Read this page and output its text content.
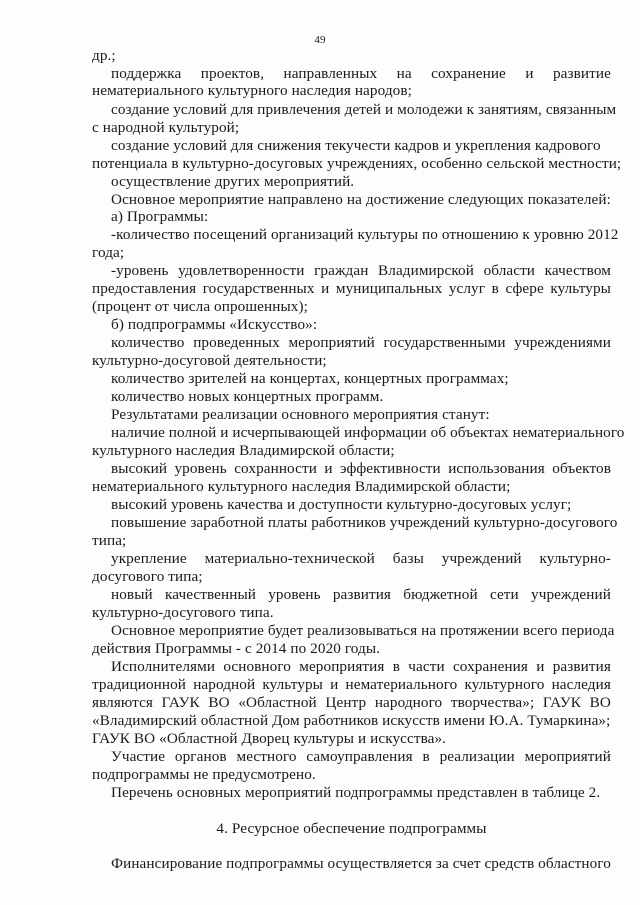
49
др.;
поддержка проектов, направленных на сохранение и развитие
нематериального культурного наследия народов;
создание условий для привлечения детей и молодежи к занятиям, связанным
с народной культурой;
создание условий для снижения текучести кадров и укрепления кадрового
потенциала в культурно-досуговых учреждениях, особенно сельской местности;
осуществление других мероприятий.
Основное мероприятие направлено на достижение следующих показателей:
а) Программы:
-количество посещений организаций культуры по отношению к уровню 2012
года;
-уровень удовлетворенности граждан Владимирской области качеством
предоставления государственных и муниципальных услуг в сфере культуры
(процент от числа опрошенных);
б) подпрограммы «Искусство»:
количество проведенных мероприятий государственными учреждениями
культурно-досуговой деятельности;
количество зрителей на концертах, концертных программах;
количество новых концертных программ.
Результатами реализации основного мероприятия станут:
наличие полной и исчерпывающей информации об объектах нематериального
культурного наследия Владимирской области;
высокий уровень сохранности и эффективности использования объектов
нематериального культурного наследия Владимирской области;
высокий уровень качества и доступности культурно-досуговых услуг;
повышение заработной платы работников учреждений культурно-досугового
типа;
укрепление материально-технической базы учреждений культурно-
досугового типа;
новый качественный уровень развития бюджетной сети учреждений
культурно-досугового типа.
Основное мероприятие будет реализовываться на протяжении всего периода
действия Программы - с 2014 по 2020 годы.
Исполнителями основного мероприятия в части сохранения и развития
традиционной народной культуры и нематериального культурного наследия
являются ГАУК ВО «Областной Центр народного творчества»; ГАУК ВО
«Владимирский областной Дом работников искусств имени Ю.А. Тумаркина»;
ГАУК ВО «Областной Дворец культуры и искусства».
Участие органов местного самоуправления в реализации мероприятий
подпрограммы не предусмотрено.
Перечень основных мероприятий подпрограммы представлен в таблице 2.
4. Ресурсное обеспечение подпрограммы
Финансирование подпрограммы осуществляется за счет средств областного
